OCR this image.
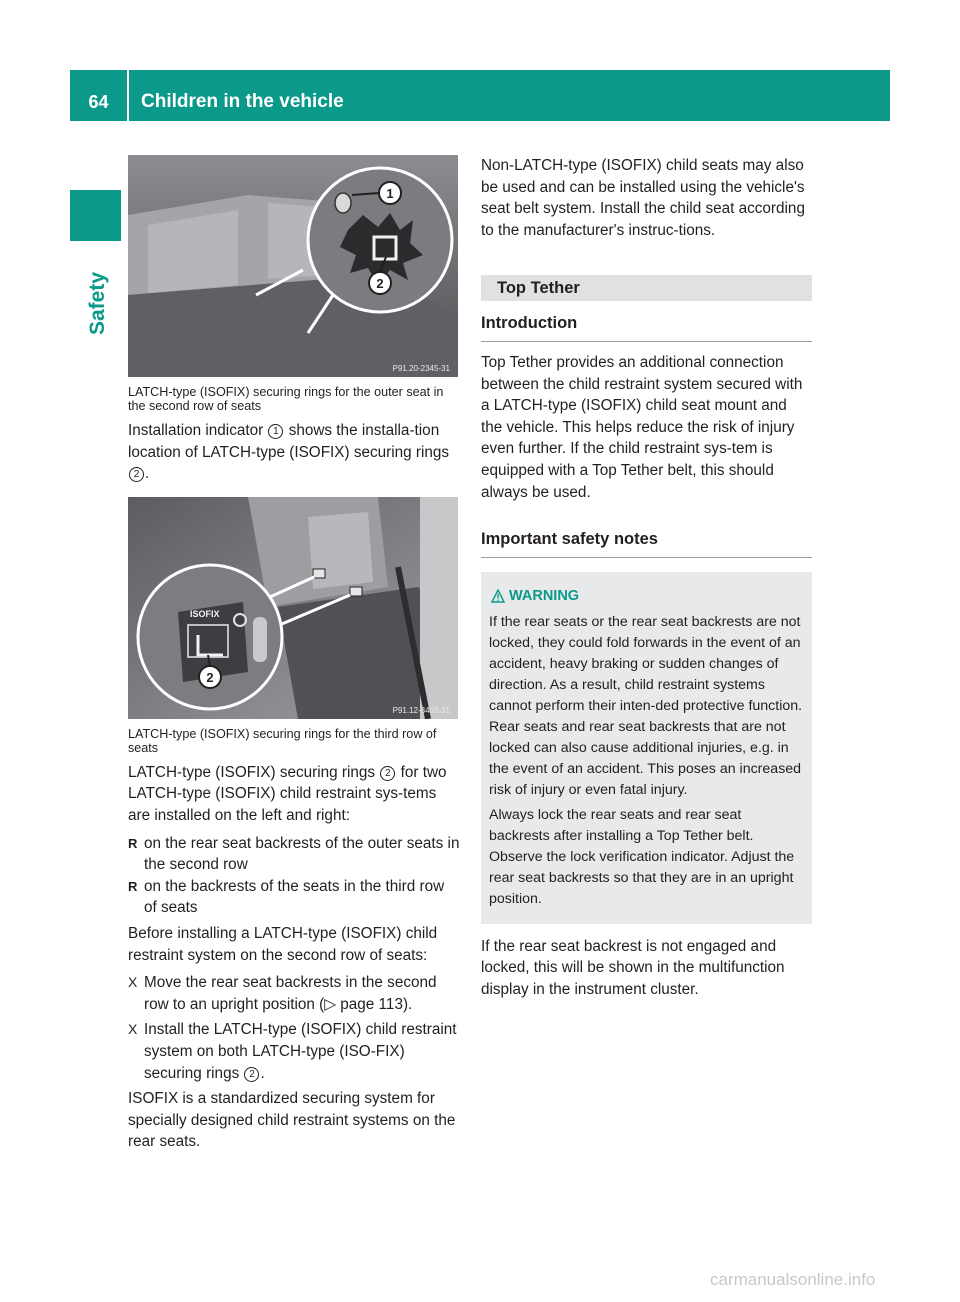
64	Children in the vehicle
Safety
1
2
P91.20-2345-31
LATCH-type (ISOFIX) securing rings for the outer seat in the second row of seats

Installation indicator 1 shows the installa-tion location of LATCH-type (ISOFIX) securing rings 2 .

ISOFIX
2
P91.12-3403-31
LATCH-type (ISOFIX) securing rings for the third row of seats

LATCH-type (ISOFIX) securing rings 2 for two LATCH-type (ISOFIX) child restraint sys-tems are installed on the left and right:

R on the rear seat backrests of the outer seats in the second row
R on the backrests of the seats in the third row of seats

Before installing a LATCH-type (ISOFIX) child restraint system on the second row of seats:

X Move the rear seat backrests in the second row to an upright position (▷ page 113).
X Install the LATCH-type (ISOFIX) child restraint system on both LATCH-type (ISO-FIX) securing rings 2 .

ISOFIX is a standardized securing system for specially designed child restraint systems on the rear seats.

Non-LATCH-type (ISOFIX) child seats may also be used and can be installed using the vehicle's seat belt system. Install the child seat according to the manufacturer's instruc-tions.

Top Tether
Introduction

Top Tether provides an additional connection between the child restraint system secured with a LATCH-type (ISOFIX) child seat mount and the vehicle. This helps reduce the risk of injury even further. If the child restraint sys-tem is equipped with a Top Tether belt, this should always be used.

Important safety notes
WARNING

If the rear seats or the rear seat backrests are not locked, they could fold forwards in the event of an accident, heavy braking or sudden changes of direction. As a result, child restraint systems cannot perform their inten-ded protective function. Rear seats and rear seat backrests that are not locked can also cause additional injuries, e.g. in the event of an accident. This poses an increased risk of injury or even fatal injury.

Always lock the rear seats and rear seat backrests after installing a Top Tether belt. Observe the lock verification indicator. Adjust the rear seat backrests so that they are in an upright position.

If the rear seat backrest is not engaged and locked, this will be shown in the multifunction display in the instrument cluster.

carmanualsonline.info
